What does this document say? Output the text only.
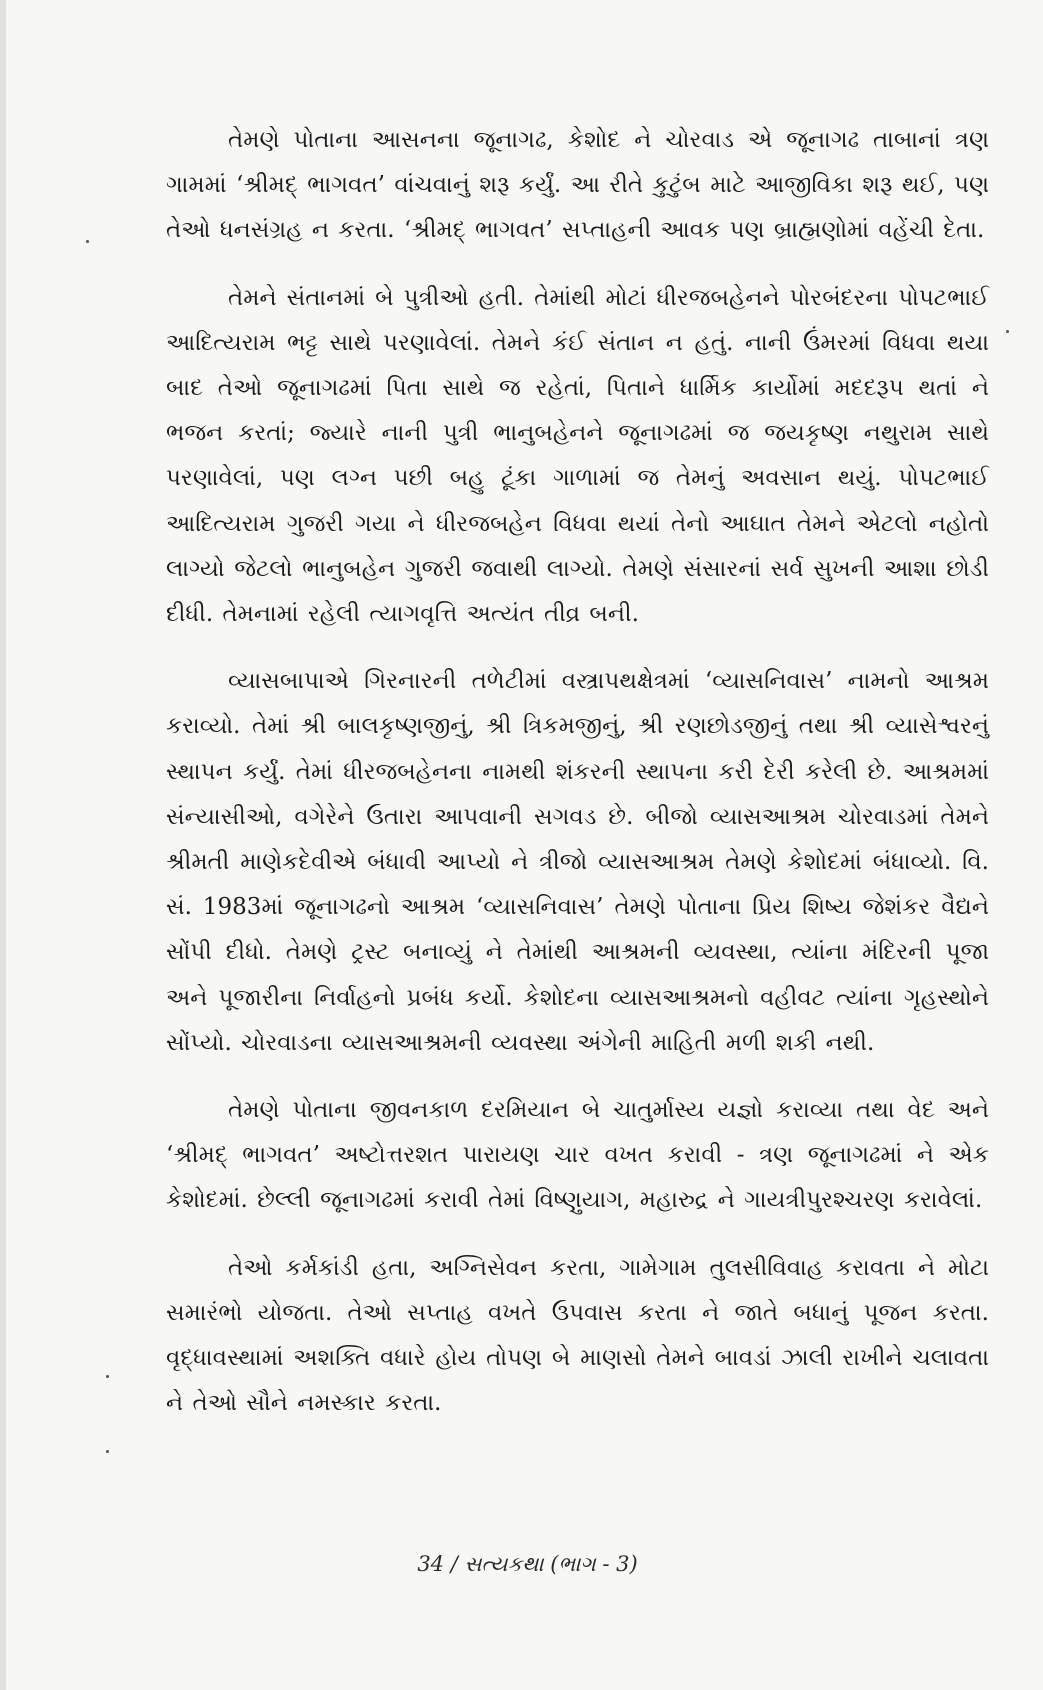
તેમણે પોતાના આસનના જૂનાગઢ, કેશોદ ને ચોરવાડ એ જૂનાગઢ તાબાનાં ત્રણ ગામમાં ‘શ્રીમદ્ ભાગવત’ વાંચવાનું શરૂ કર્યું. આ રીતે કુટુંબ માટે આજીવિકા શરૂ થઈ, પણ તેઓ ધનસંગ્રહ ન કરતા. ‘શ્રીમદ્ ભાગવત’ સપ્તાહની આવક પણ બ્રાહ્મણોમાં વહેંચી દેતા.

તેમને સંતાનમાં બે પુત્રીઓ હતી. તેમાંથી મોટાં ધીરજબહેનને પોરબંદરના પોપટભાઈ આદિત્યરામ ભટ્ટ સાથે પરણાવેલાં. તેમને કંઈ સંતાન ન હતું. નાની ઉંમરમાં વિધવા થયા બાદ તેઓ જૂનાગઢમાં પિતા સાથે જ રહેતાં, પિતાને ધાર્મિક કાર્યોમાં મદદરૂપ થતાં ને ભજન કરતાં; જ્યારે નાની પુત્રી ભાનુબહેનને જૂનાગઢમાં જ જયકૃષ્ણ નથુરામ સાથે પરણાવેલાં, પણ લગ્ન પછી બહુ ટૂંકા ગાળામાં જ તેમનું અવસાન થયું. પોપટભાઈ આદિત્યરામ ગુજરી ગયા ને ધીરજબહેન વિધવા થયાં તેનો આઘાત તેમને એટલો નહોતો લાગ્યો જેટલો ભાનુબહેન ગુજરી જવાથી લાગ્યો. તેમણે સંસારનાં સર્વ સુખની આશા છોડી દીધી. તેમનામાં રહેલી ત્યાગવૃત્તિ અત્યંત તીવ્ર બની.

વ્યાસબાપાએ ગિરનારની તળેટીમાં વસ્ત્રાપથક્ષેત્રમાં ‘વ્યાસનિવાસ’ નામનો આશ્રમ કરાવ્યો. તેમાં શ્રી બાલકૃષ્ણજીનું, શ્રી ત્રિકમજીનું, શ્રી રણછોડજીનું તથા શ્રી વ્યાસેશ્વરનું સ્થાપન કર્યું. તેમાં ધીરજબહેનના નામથી શંકરની સ્થાપના કરી દેરી કરેલી છે. આશ્રમમાં સંન્યાસીઓ, વગેરેને ઉતારા આપવાની સગવડ છે. બીજો વ્યાસઆશ્રમ ચોરવાડમાં તેમને શ્રીમતી માણેકદેવીએ બંધાવી આપ્યો ને ત્રીજો વ્યાસઆશ્રમ તેમણે કેશોદમાં બંધાવ્યો. વિ. સં. 1983માં જૂનાગઢનો આશ્રમ ‘વ્યાસનિવાસ’ તેમણે પોતાના પ્રિય શિષ્ય જેશંકર વૈદ્યને સોંપી દીધો. તેમણે ટ્રસ્ટ બનાવ્યું ને તેમાંથી આશ્રમની વ્યવસ્થા, ત્યાંના મંદિરની પૂજા અને પૂજારીના નિર્વાહનો પ્રબંધ કર્યો. કેશોદના વ્યાસઆશ્રમનો વહીવટ ત્યાંના ગૃહસ્થોને સોંપ્યો. ચોરવાડના વ્યાસઆશ્રમની વ્યવસ્થા અંગેની માહિતી મળી શકી નથી.

તેમણે પોતાના જીવનકાળ દરમિયાન બે ચાતુર્માસ્ય યજ્ઞો કરાવ્યા તથા વેદ અને ‘શ્રીમદ્ ભાગવત’ અષ્ટોત્તરશત પારાયણ ચાર વખત કરાવી - ત્રણ જૂનાગઢમાં ને એક કેશોદમાં. છેલ્લી જૂનાગઢમાં કરાવી તેમાં વિષ્ણુયાગ, મહારુદ્ર ને ગાયત્રીપુરશ્ચરણ કરાવેલાં.

તેઓ કર્મકાંડી હતા, અગ્નિસેવન કરતા, ગામેગામ તુલસીવિવાહ કરાવતા ને મોટા સમારંભો યોજતા. તેઓ સપ્તાહ વખતે ઉપવાસ કરતા ને જાતે બધાનું પૂજન કરતા. વૃદ્ધાવસ્થામાં અશક્તિ વધારે હોય તોપણ બે માણસો તેમને બાવડાં ઝાલી રાખીને ચલાવતા ને તેઓ સૌને નમસ્કાર કરતા.

34 / સત્યકથા (ભાગ - 3)
